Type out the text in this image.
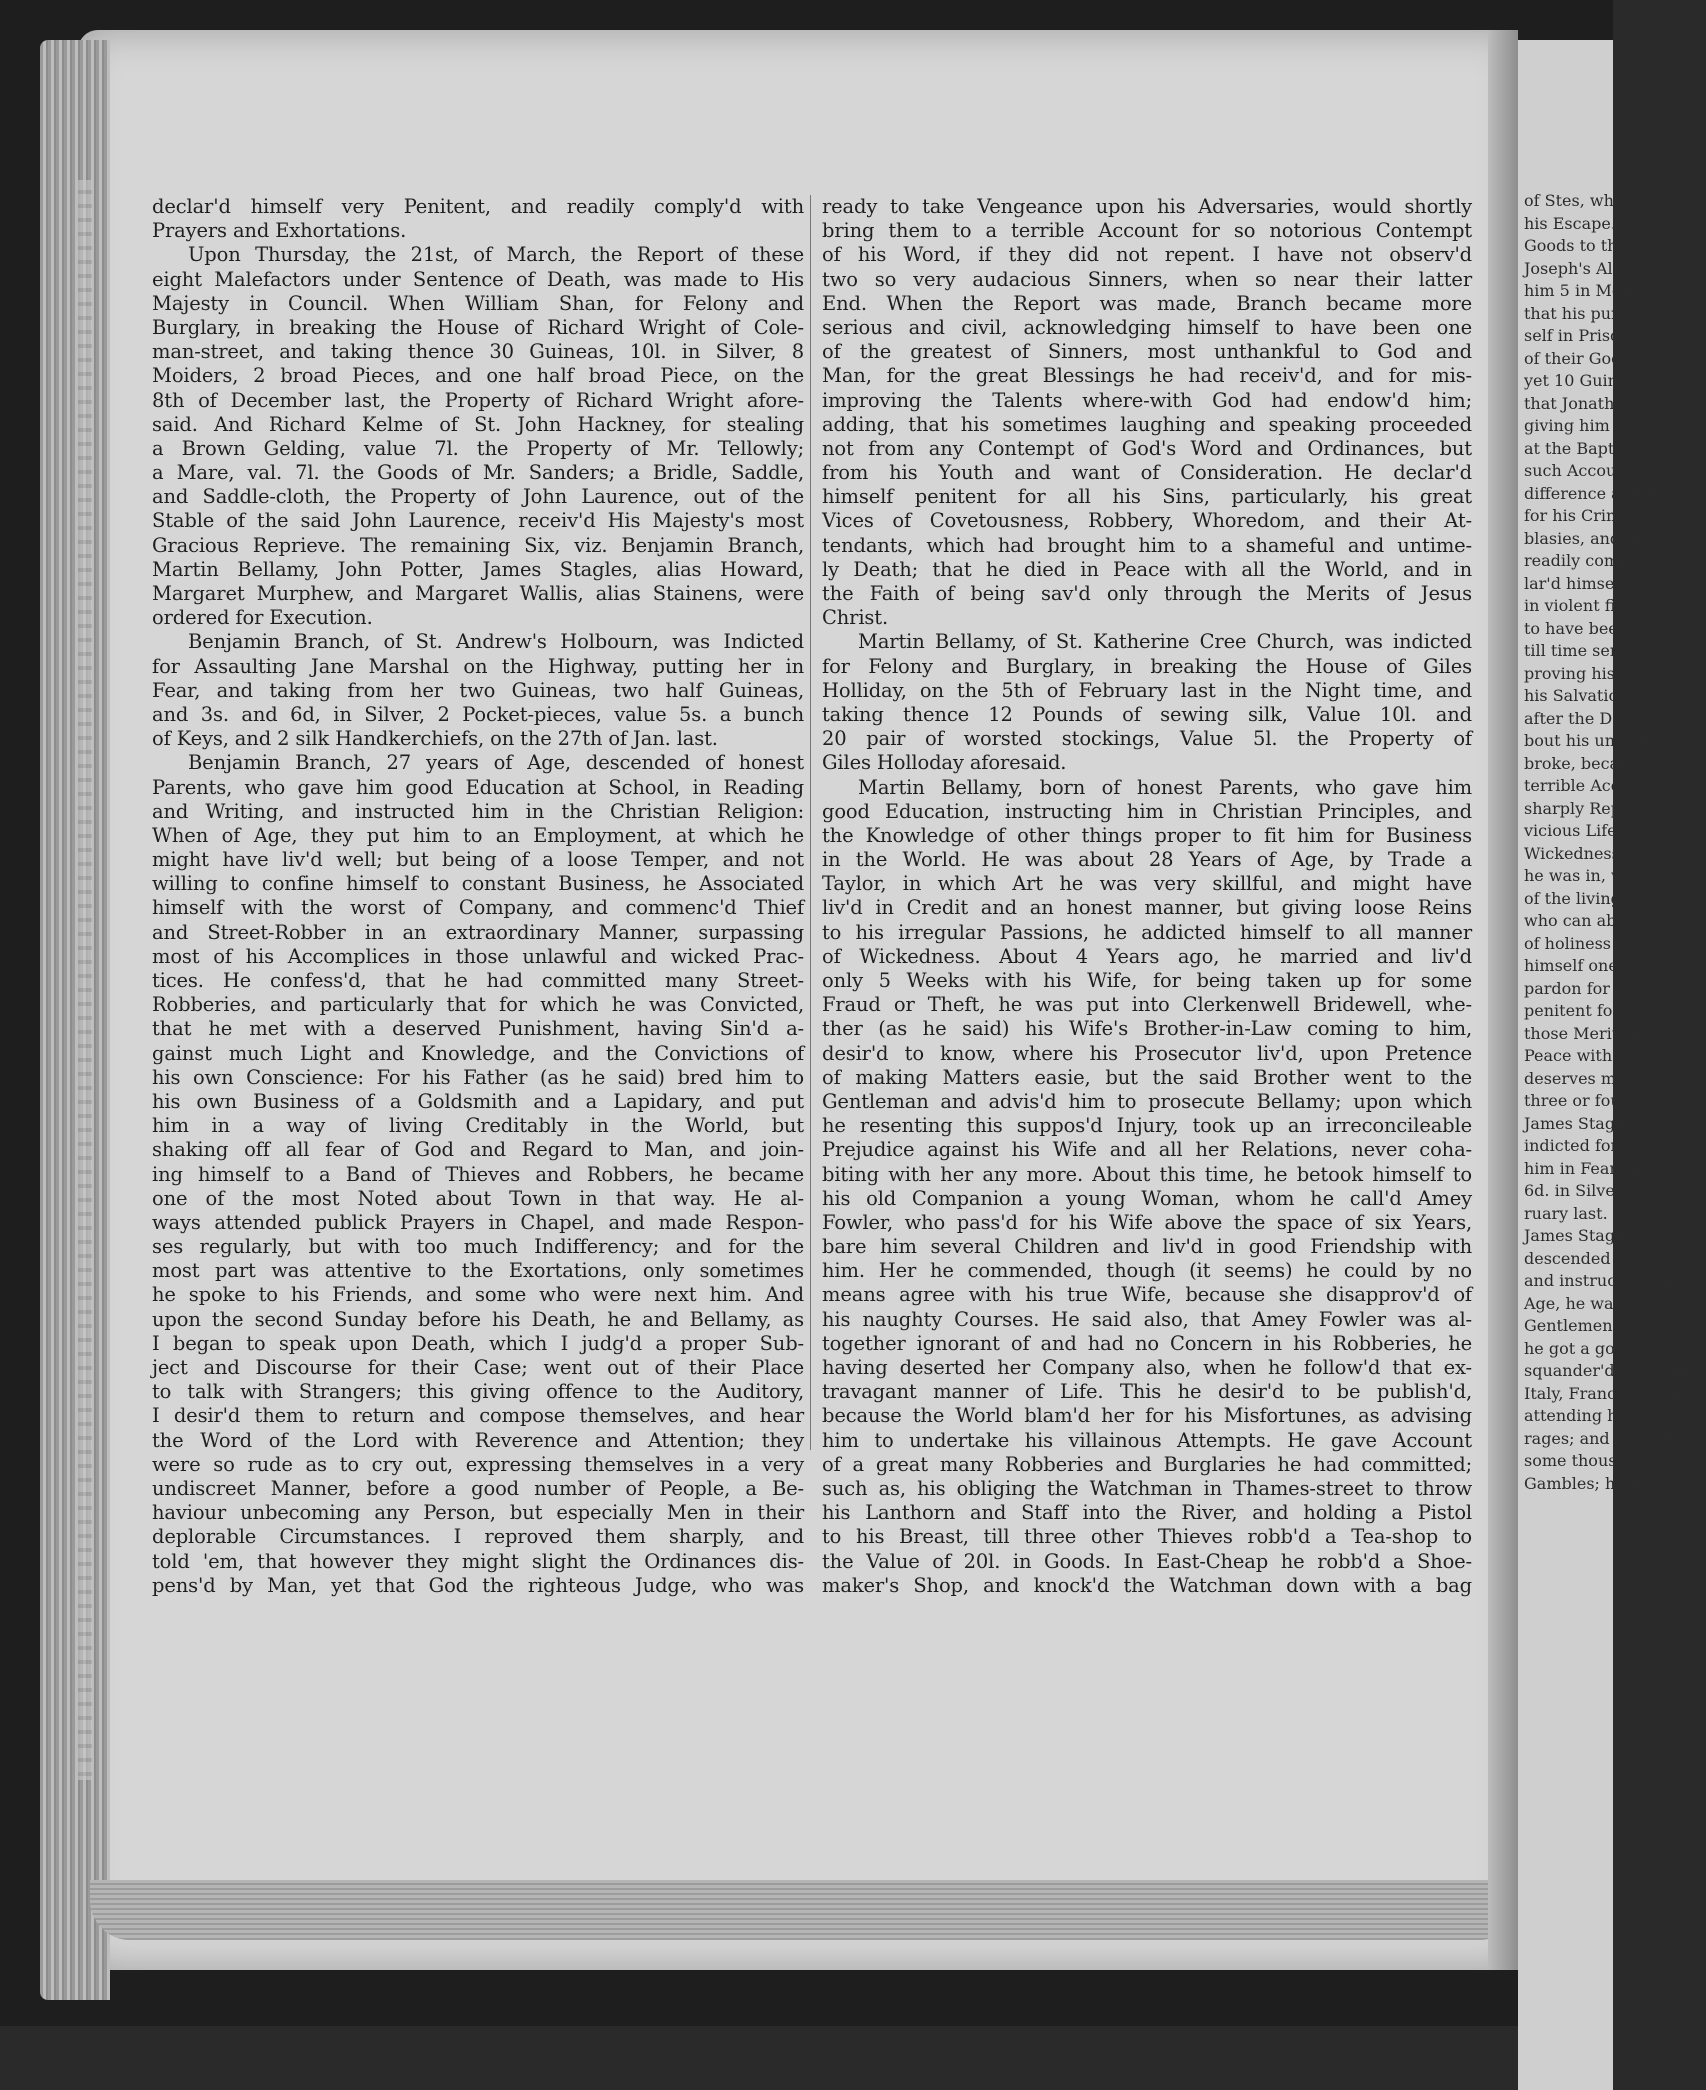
of Stes, whic
his Escape. I
Goods to the V
Joseph's Alder
him 5 in Mon
that his pursui
self in Prison,
of their Goods.
yet 10 Guineas
that Jonathan W
giving him 5l.
at the Baptist-he
such Accounts he
difference and Bo
for his Crimes, I
blasies, and thus
readily comply'
lar'd himself wer
in violent fits o
to have been Craz
till time seriousl
proving his few
his Salvation w
after the Dead-W
bout his unhappy
broke, because o
terrible Accou
sharply Reprov'd
vicious Life, h
Wickedness. I re
he was in, what a t
of the living God,
who can abide with
of holiness no M
himself one of the
pardon for the man
penitent for all his
those Merits he ho
Peace with all the V
deserves much oblig'd
three or four Days
James Stagles, ali
indicted for Assaul
him in Fear, and t
6d. in Silver, a
ruary last.
James Stagles alias
descended of honest
and instructed him i
Age, he was not put
Gentlemen, and ma
he got a good Portion
squander'd away. He
Italy, France, the H
attending his Master
rages; and when he
some thousand of P
Gambles; he purchas
declar'd himself very Penitent, and readily comply'd with
Prayers and Exhortations.
Upon Thursday, the 21st, of March, the Report of these
eight Malefactors under Sentence of Death, was made to His
Majesty in Council. When William Shan, for Felony and
Burglary, in breaking the House of Richard Wright of Cole-
man-street, and taking thence 30 Guineas, 10l. in Silver, 8
Moiders, 2 broad Pieces, and one half broad Piece, on the
8th of December last, the Property of Richard Wright afore-
said. And Richard Kelme of St. John Hackney, for stealing
a Brown Gelding, value 7l. the Property of Mr. Tellowly;
a Mare, val. 7l. the Goods of Mr. Sanders; a Bridle, Saddle,
and Saddle-cloth, the Property of John Laurence, out of the
Stable of the said John Laurence, receiv'd His Majesty's most
Gracious Reprieve. The remaining Six, viz. Benjamin Branch,
Martin Bellamy, John Potter, James Stagles, alias Howard,
Margaret Murphew, and Margaret Wallis, alias Stainens, were
ordered for Execution.
Benjamin Branch, of St. Andrew's Holbourn, was Indicted
for Assaulting Jane Marshal on the Highway, putting her in
Fear, and taking from her two Guineas, two half Guineas,
and 3s. and 6d, in Silver, 2 Pocket-pieces, value 5s. a bunch
of Keys, and 2 silk Handkerchiefs, on the 27th of Jan. last.
Benjamin Branch, 27 years of Age, descended of honest
Parents, who gave him good Education at School, in Reading
and Writing, and instructed him in the Christian Religion:
When of Age, they put him to an Employment, at which he
might have liv'd well; but being of a loose Temper, and not
willing to confine himself to constant Business, he Associated
himself with the worst of Company, and commenc'd Thief
and Street-Robber in an extraordinary Manner, surpassing
most of his Accomplices in those unlawful and wicked Prac-
tices. He confess'd, that he had committed many Street-
Robberies, and particularly that for which he was Convicted,
that he met with a deserved Punishment, having Sin'd a-
gainst much Light and Knowledge, and the Convictions of
his own Conscience: For his Father (as he said) bred him to
his own Business of a Goldsmith and a Lapidary, and put
him in a way of living Creditably in the World, but
shaking off all fear of God and Regard to Man, and join-
ing himself to a Band of Thieves and Robbers, he became
one of the most Noted about Town in that way. He al-
ways attended publick Prayers in Chapel, and made Respon-
ses regularly, but with too much Indifferency; and for the
most part was attentive to the Exortations, only sometimes
he spoke to his Friends, and some who were next him. And
upon the second Sunday before his Death, he and Bellamy, as
I began to speak upon Death, which I judg'd a proper Sub-
ject and Discourse for their Case; went out of their Place
to talk with Strangers; this giving offence to the Auditory,
I desir'd them to return and compose themselves, and hear
the Word of the Lord with Reverence and Attention; they
were so rude as to cry out, expressing themselves in a very
undiscreet Manner, before a good number of People, a Be-
haviour unbecoming any Person, but especially Men in their
deplorable Circumstances. I reproved them sharply, and
told 'em, that however they might slight the Ordinances dis-
pens'd by Man, yet that God the righteous Judge, who was
ready to take Vengeance upon his Adversaries, would shortly
bring them to a terrible Account for so notorious Contempt
of his Word, if they did not repent. I have not observ'd
two so very audacious Sinners, when so near their latter
End. When the Report was made, Branch became more
serious and civil, acknowledging himself to have been one
of the greatest of Sinners, most unthankful to God and
Man, for the great Blessings he had receiv'd, and for mis-
improving the Talents where-with God had endow'd him;
adding, that his sometimes laughing and speaking proceeded
not from any Contempt of God's Word and Ordinances, but
from his Youth and want of Consideration. He declar'd
himself penitent for all his Sins, particularly, his great
Vices of Covetousness, Robbery, Whoredom, and their At-
tendants, which had brought him to a shameful and untime-
ly Death; that he died in Peace with all the World, and in
the Faith of being sav'd only through the Merits of Jesus
Christ.
Martin Bellamy, of St. Katherine Cree Church, was indicted
for Felony and Burglary, in breaking the House of Giles
Holliday, on the 5th of February last in the Night time, and
taking thence 12 Pounds of sewing silk, Value 10l. and
20 pair of worsted stockings, Value 5l. the Property of
Giles Holloday aforesaid.
Martin Bellamy, born of honest Parents, who gave him
good Education, instructing him in Christian Principles, and
the Knowledge of other things proper to fit him for Business
in the World. He was about 28 Years of Age, by Trade a
Taylor, in which Art he was very skillful, and might have
liv'd in Credit and an honest manner, but giving loose Reins
to his irregular Passions, he addicted himself to all manner
of Wickedness. About 4 Years ago, he married and liv'd
only 5 Weeks with his Wife, for being taken up for some
Fraud or Theft, he was put into Clerkenwell Bridewell, whe-
ther (as he said) his Wife's Brother-in-Law coming to him,
desir'd to know, where his Prosecutor liv'd, upon Pretence
of making Matters easie, but the said Brother went to the
Gentleman and advis'd him to prosecute Bellamy; upon which
he resenting this suppos'd Injury, took up an irreconcileable
Prejudice against his Wife and all her Relations, never coha-
biting with her any more. About this time, he betook himself to
his old Companion a young Woman, whom he call'd Amey
Fowler, who pass'd for his Wife above the space of six Years,
bare him several Children and liv'd in good Friendship with
him. Her he commended, though (it seems) he could by no
means agree with his true Wife, because she disapprov'd of
his naughty Courses. He said also, that Amey Fowler was al-
together ignorant of and had no Concern in his Robberies, he
having deserted her Company also, when he follow'd that ex-
travagant manner of Life. This he desir'd to be publish'd,
because the World blam'd her for his Misfortunes, as advising
him to undertake his villainous Attempts. He gave Account
of a great many Robberies and Burglaries he had committed;
such as, his obliging the Watchman in Thames-street to throw
his Lanthorn and Staff into the River, and holding a Pistol
to his Breast, till three other Thieves robb'd a Tea-shop to
the Value of 20l. in Goods. In East-Cheap he robb'd a Shoe-
maker's Shop, and knock'd the Watchman down with a bag
